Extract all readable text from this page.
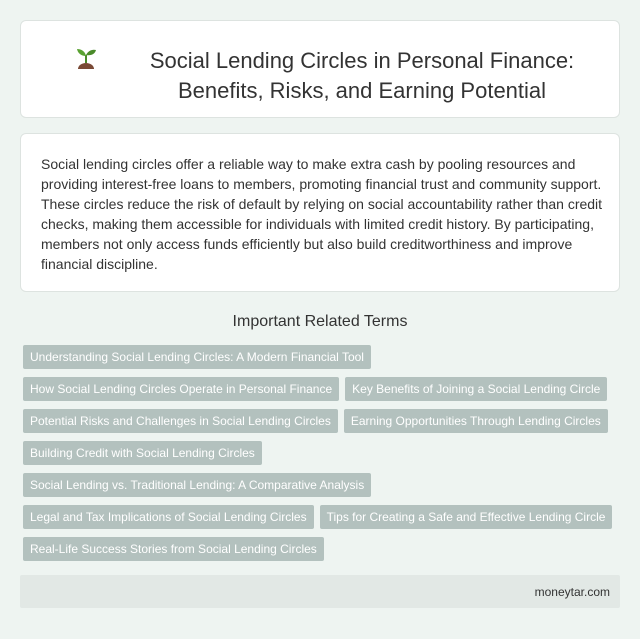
Social Lending Circles in Personal Finance: Benefits, Risks, and Earning Potential

Social lending circles offer a reliable way to make extra cash by pooling resources and providing interest-free loans to members, promoting financial trust and community support. These circles reduce the risk of default by relying on social accountability rather than credit checks, making them accessible for individuals with limited credit history. By participating, members not only access funds efficiently but also build creditworthiness and improve financial discipline.

Important Related Terms
Understanding Social Lending Circles: A Modern Financial Tool
How Social Lending Circles Operate in Personal Finance	Key Benefits of Joining a Social Lending Circle
Potential Risks and Challenges in Social Lending Circles	Earning Opportunities Through Lending Circles
Building Credit with Social Lending Circles
Social Lending vs. Traditional Lending: A Comparative Analysis
Legal and Tax Implications of Social Lending Circles	Tips for Creating a Safe and Effective Lending Circle
Real-Life Success Stories from Social Lending Circles
moneytar.com
